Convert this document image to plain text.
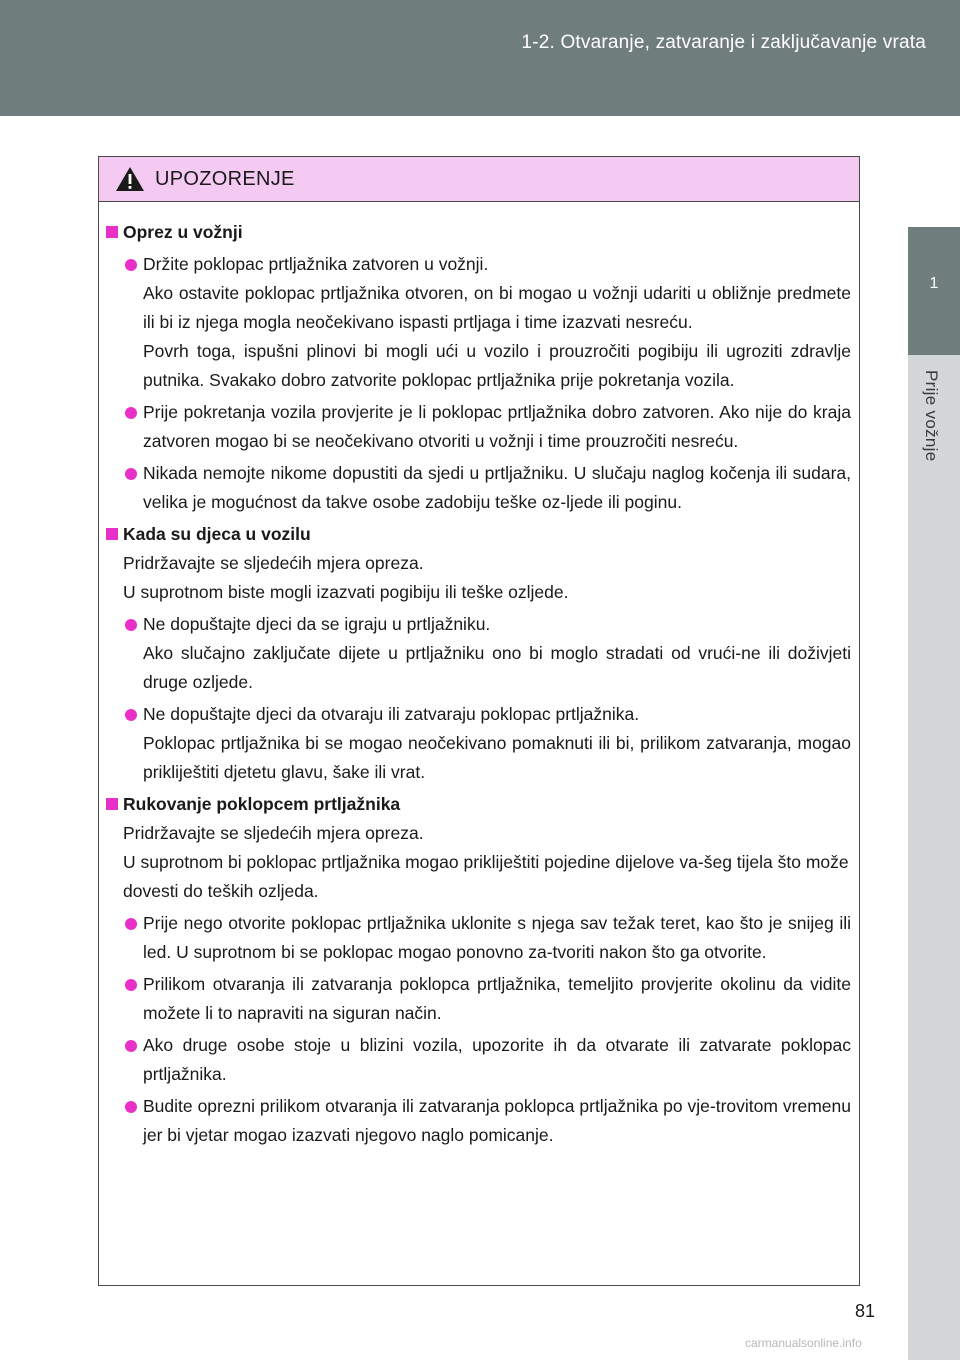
1-2. Otvaranje, zatvaranje i zaključavanje vrata
1
Prije vožnje
UPOZORENJE
Oprez u vožnji
Držite poklopac prtljažnika zatvoren u vožnji.
Ako ostavite poklopac prtljažnika otvoren, on bi mogao u vožnji udariti u obližnje predmete ili bi iz njega mogla neočekivano ispasti prtljaga i time izazvati nesreću.
Povrh toga, ispušni plinovi bi mogli ući u vozilo i prouzročiti pogibiju ili ugroziti zdravlje putnika. Svakako dobro zatvorite poklopac prtljažnika prije pokretanja vozila.
Prije pokretanja vozila provjerite je li poklopac prtljažnika dobro zatvoren. Ako nije do kraja zatvoren mogao bi se neočekivano otvoriti u vožnji i time prouzročiti nesreću.
Nikada nemojte nikome dopustiti da sjedi u prtljažniku. U slučaju naglog kočenja ili sudara, velika je mogućnost da takve osobe zadobiju teške oz-ljede ili poginu.
Kada su djeca u vozilu
Pridržavajte se sljedećih mjera opreza.
U suprotnom biste mogli izazvati pogibiju ili teške ozljede.
Ne dopuštajte djeci da se igraju u prtljažniku.
Ako slučajno zaključate dijete u prtljažniku ono bi moglo stradati od vrući-ne ili doživjeti druge ozljede.
Ne dopuštajte djeci da otvaraju ili zatvaraju poklopac prtljažnika.
Poklopac prtljažnika bi se mogao neočekivano pomaknuti ili bi, prilikom zatvaranja, mogao prikliještiti djetetu glavu, šake ili vrat.
Rukovanje poklopcem prtljažnika
Pridržavajte se sljedećih mjera opreza.
U suprotnom bi poklopac prtljažnika mogao prikliještiti pojedine dijelove va-šeg tijela što može dovesti do teških ozljeda.
Prije nego otvorite poklopac prtljažnika uklonite s njega sav težak teret, kao što je snijeg ili led. U suprotnom bi se poklopac mogao ponovno za-tvoriti nakon što ga otvorite.
Prilikom otvaranja ili zatvaranja poklopca prtljažnika, temeljito provjerite okolinu da vidite možete li to napraviti na siguran način.
Ako druge osobe stoje u blizini vozila, upozorite ih da otvarate ili zatvarate poklopac prtljažnika.
Budite oprezni prilikom otvaranja ili zatvaranja poklopca prtljažnika po vje-trovitom vremenu jer bi vjetar mogao izazvati njegovo naglo pomicanje.
81
carmanualsonline.info
